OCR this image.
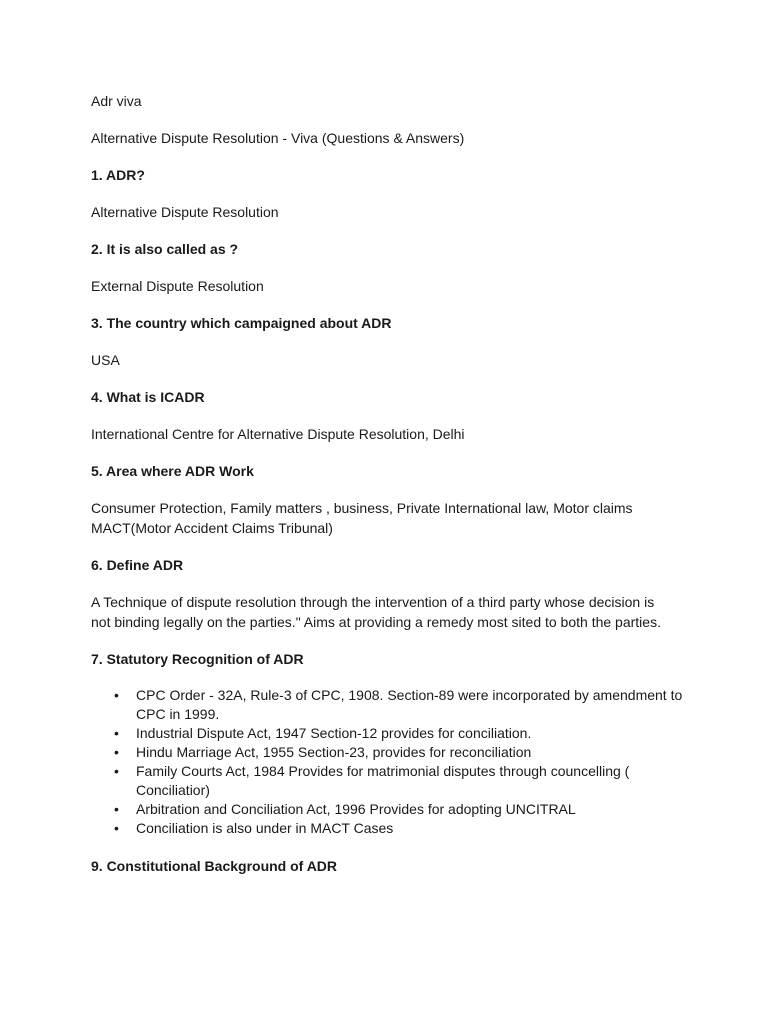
Adr viva

Alternative Dispute Resolution - Viva (Questions & Answers)

1. ADR?

Alternative Dispute Resolution

2. It is also called as ?

External Dispute Resolution

3. The country which campaigned about ADR

USA

4. What is ICADR

International Centre for Alternative Dispute Resolution, Delhi

5. Area where ADR Work

Consumer Protection, Family matters , business, Private International law, Motor claims MACT(Motor Accident Claims Tribunal)

6. Define ADR

A Technique of dispute resolution through the intervention of a third party whose decision is not binding legally on the parties." Aims at providing a remedy most sited to both the parties.

7. Statutory Recognition of ADR

• CPC Order - 32A, Rule-3 of CPC, 1908. Section-89 were incorporated by amendment to CPC in 1999.
• Industrial Dispute Act, 1947 Section-12 provides for conciliation.
• Hindu Marriage Act, 1955 Section-23, provides for reconciliation
• Family Courts Act, 1984 Provides for matrimonial disputes through councelling ( Conciliatior)
• Arbitration and Conciliation Act, 1996 Provides for adopting UNCITRAL
• Conciliation is also under in MACT Cases

9. Constitutional Background of ADR
